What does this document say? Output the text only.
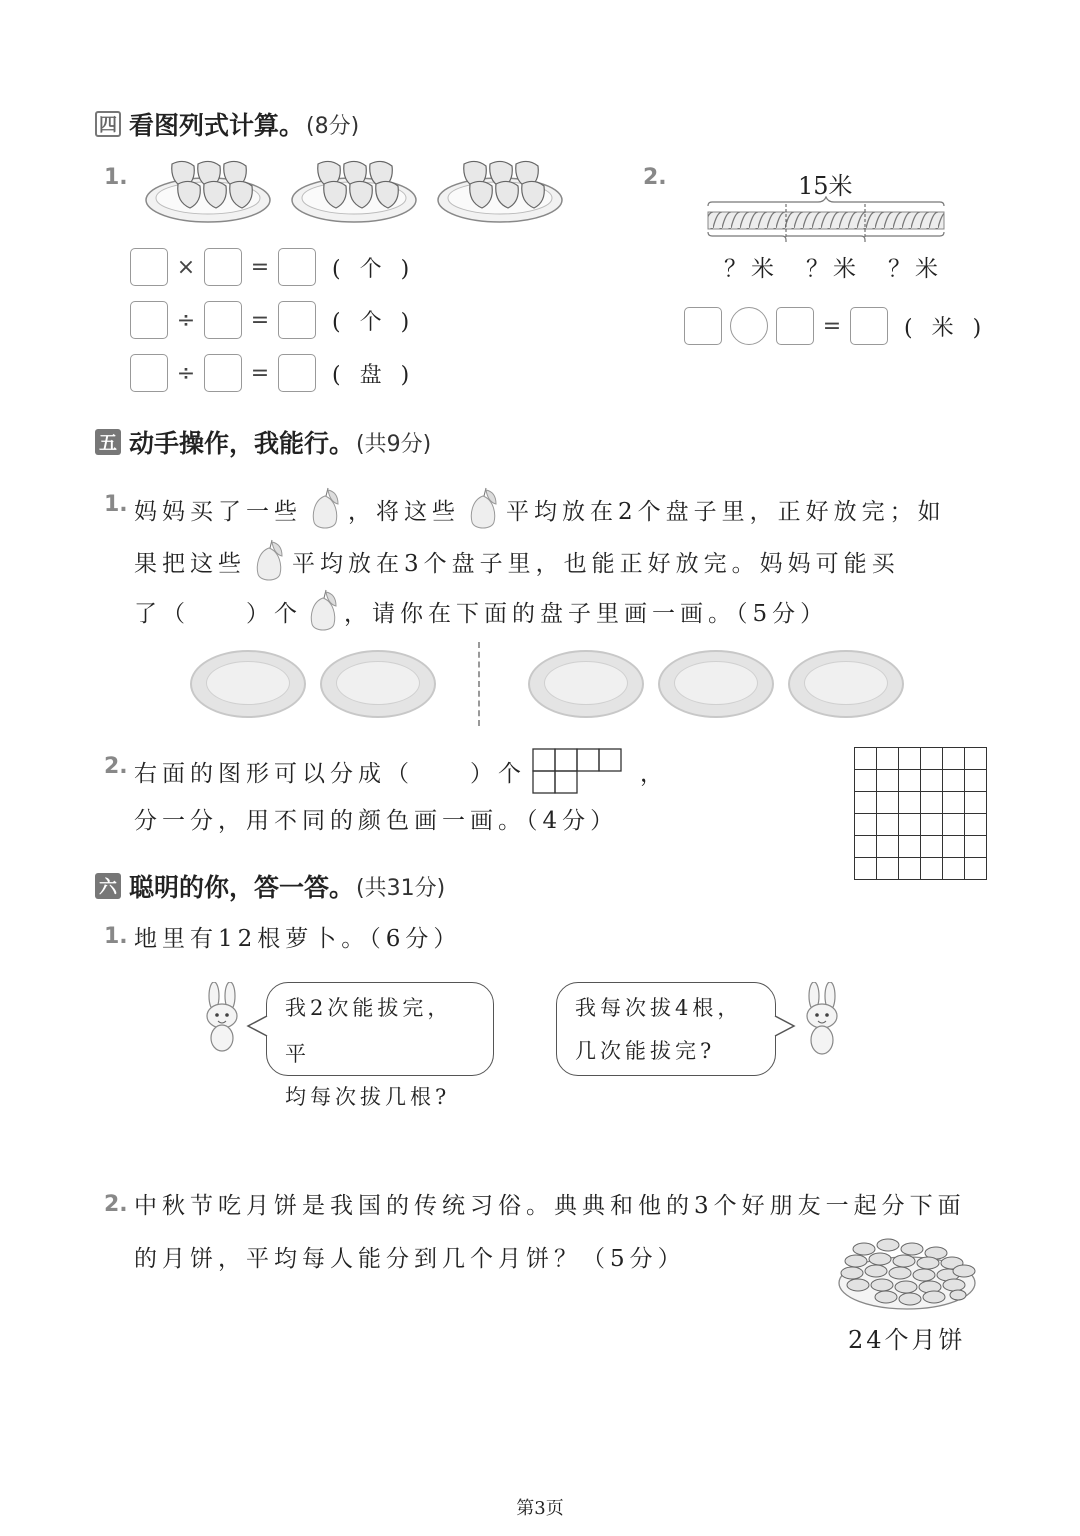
四 看图列式计算。 (8分)
1.
×	=	( 个 )
÷	=	( 个 )
÷	=	( 盘 )
2.	15米
？米 ？米 ？米
=	( 米 )
五 动手操作，我能行。 (共9分)
1. 妈妈买了一些 ，将这些 平均放在2个盘子里，正好放完；如
果把这些 平均放在3个盘子里，也能正好放完。妈妈可能买
了（　　）个 ，请你在下面的盘子里画一画。（5分）
2. 右面的图形可以分成（　　）个	，
分一分，用不同的颜色画一画。（4分）
六 聪明的你，答一答。 (共31分)
1. 地里有12根萝卜。（6分）
我2次能拔完，平
均每次拔几根?
我每次拔4根，
几次能拔完?
2. 中秋节吃月饼是我国的传统习俗。典典和他的3个好朋友一起分下面
的月饼，平均每人能分到几个月饼？（5分）
24个月饼
第3页
